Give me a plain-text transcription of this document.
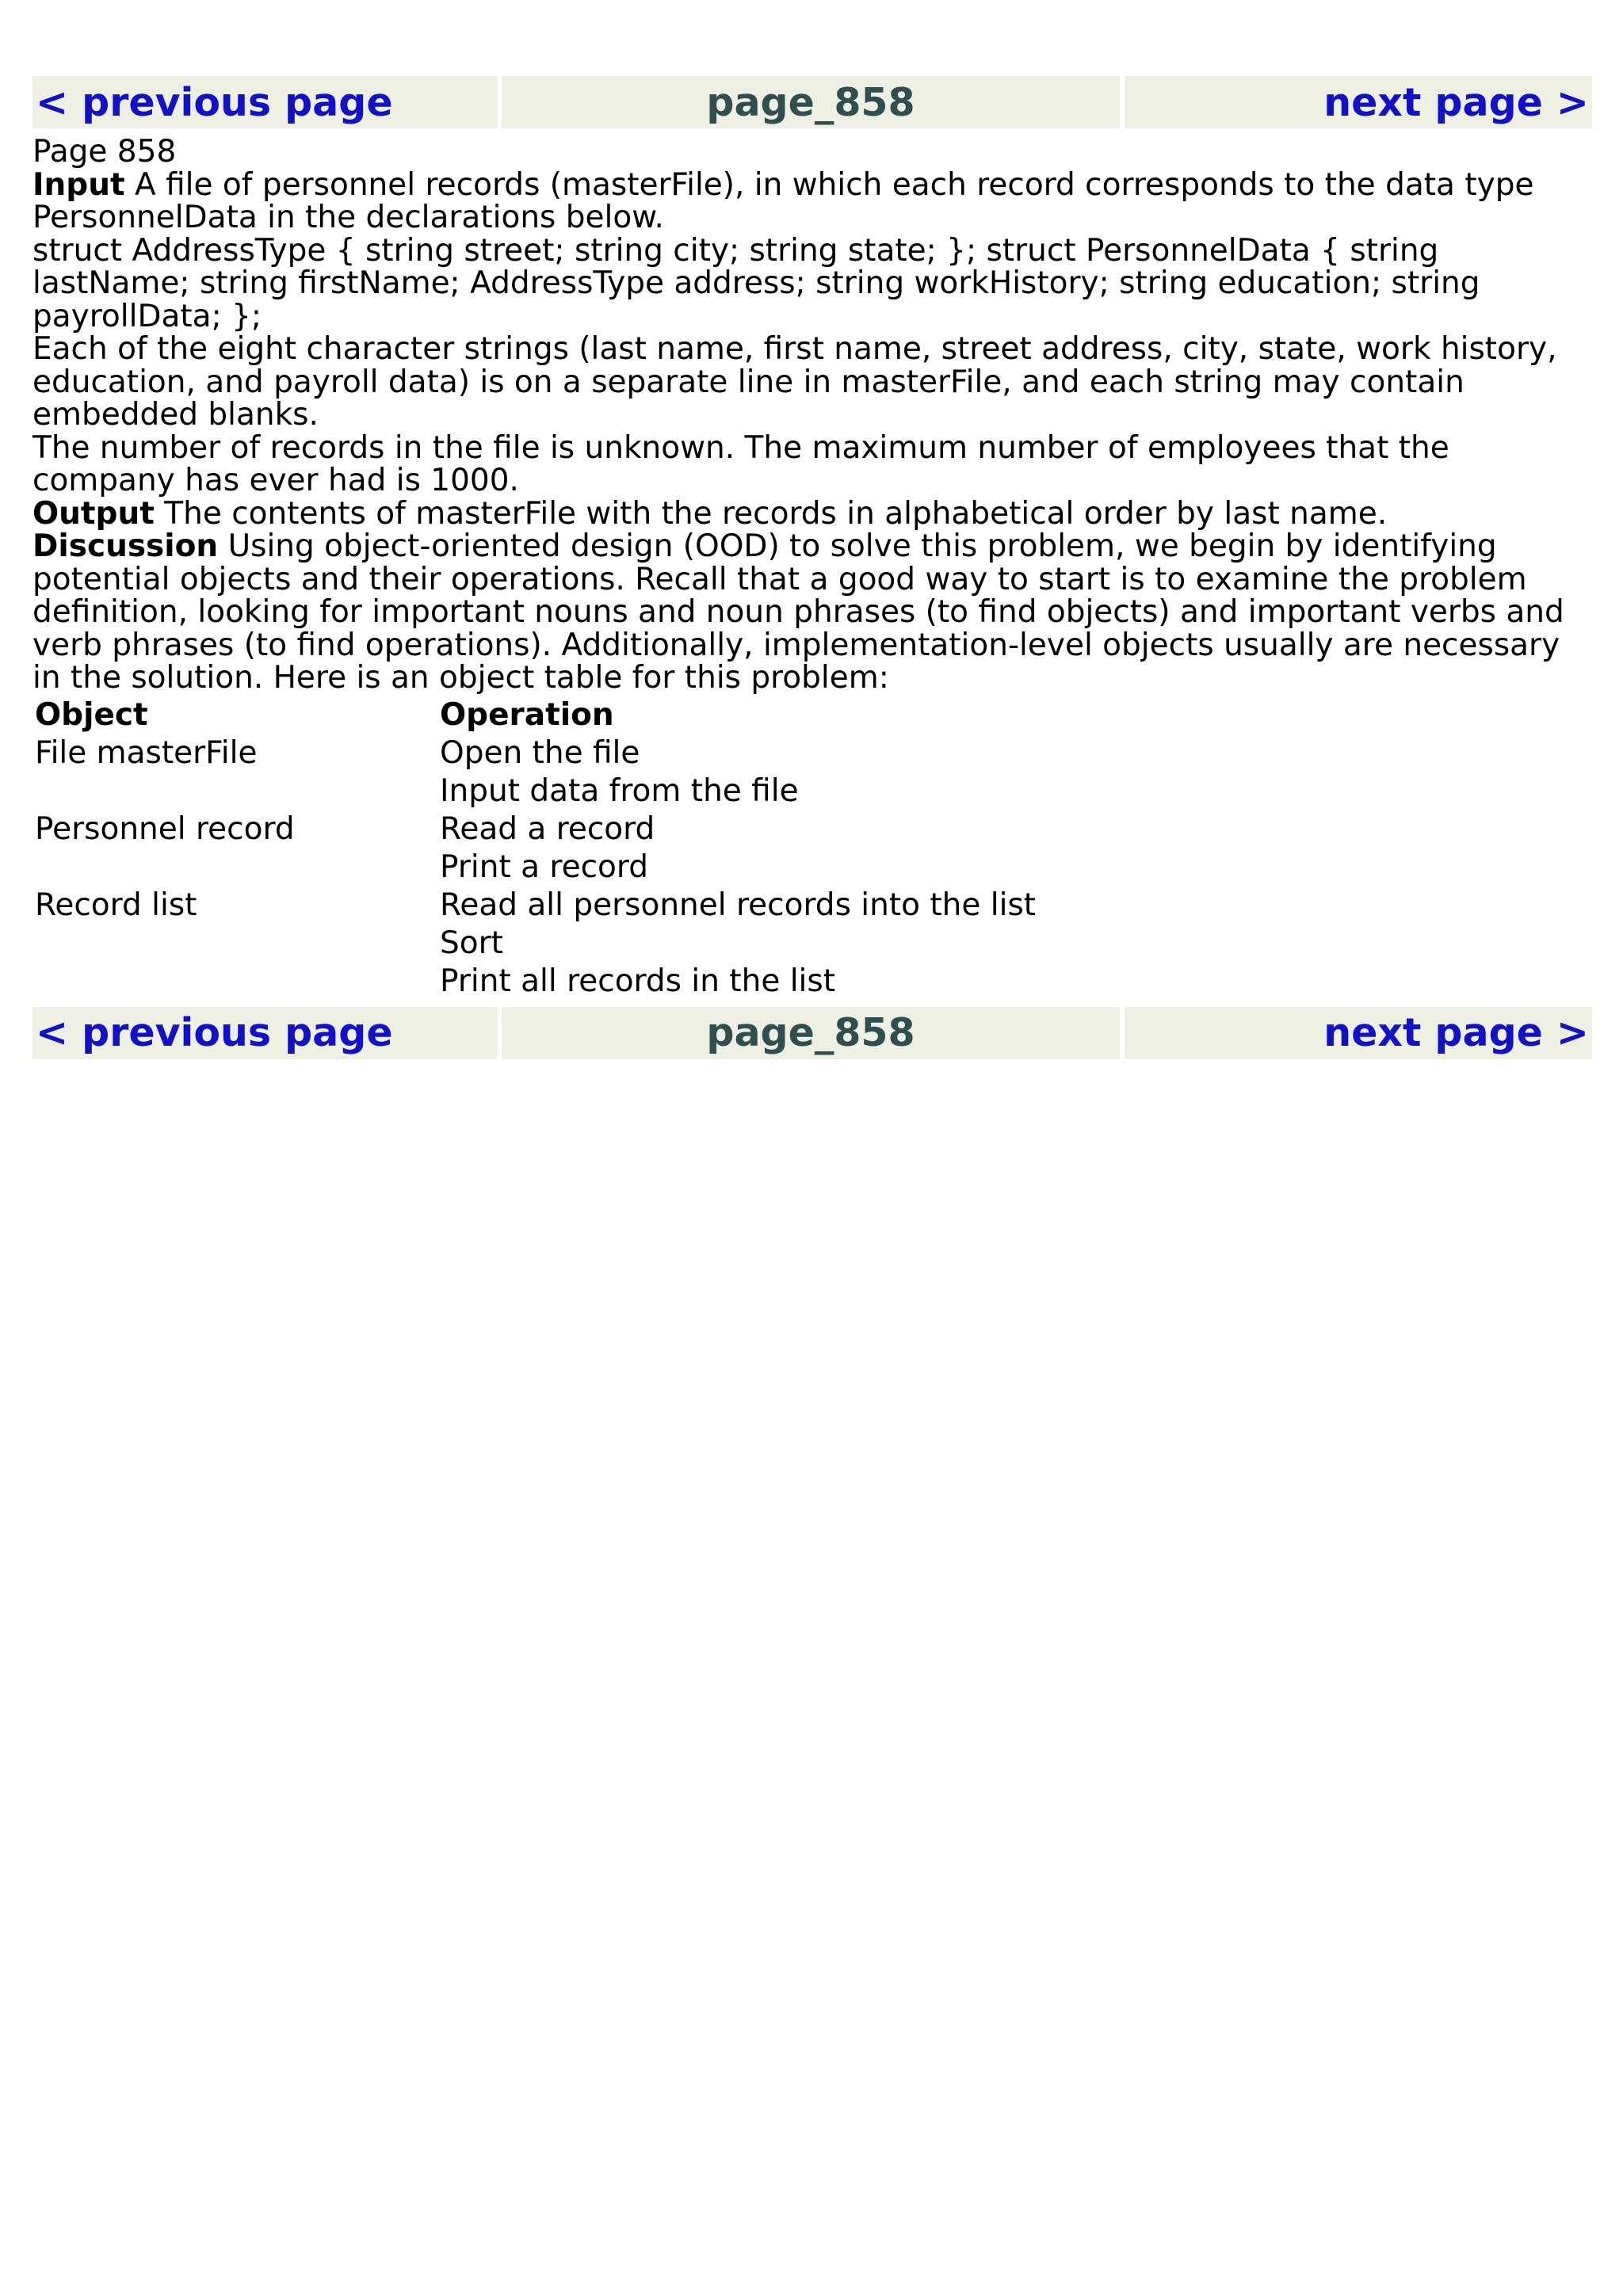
< previous page	page_858	next page >

Page 858

Input A file of personnel records (masterFile), in which each record corresponds to the data type PersonnelData in the declarations below.

struct AddressType { string street; string city; string state; }; struct PersonnelData { string lastName; string firstName; AddressType address; string workHistory; string education; string payrollData; };

Each of the eight character strings (last name, first name, street address, city, state, work history, education, and payroll data) is on a separate line in masterFile, and each string may contain embedded blanks.

The number of records in the file is unknown. The maximum number of employees that the company has ever had is 1000.

Output The contents of masterFile with the records in alphabetical order by last name.

Discussion Using object-oriented design (OOD) to solve this problem, we begin by identifying potential objects and their operations. Recall that a good way to start is to examine the problem definition, looking for important nouns and noun phrases (to find objects) and important verbs and verb phrases (to find operations). Additionally, implementation-level objects usually are necessary in the solution. Here is an object table for this problem:

Object	Operation
File masterFile	Open the file
	Input data from the file
Personnel record	Read a record
	Print a record
Record list	Read all personnel records into the list
	Sort
	Print all records in the list
< previous page	page_858	next page >
